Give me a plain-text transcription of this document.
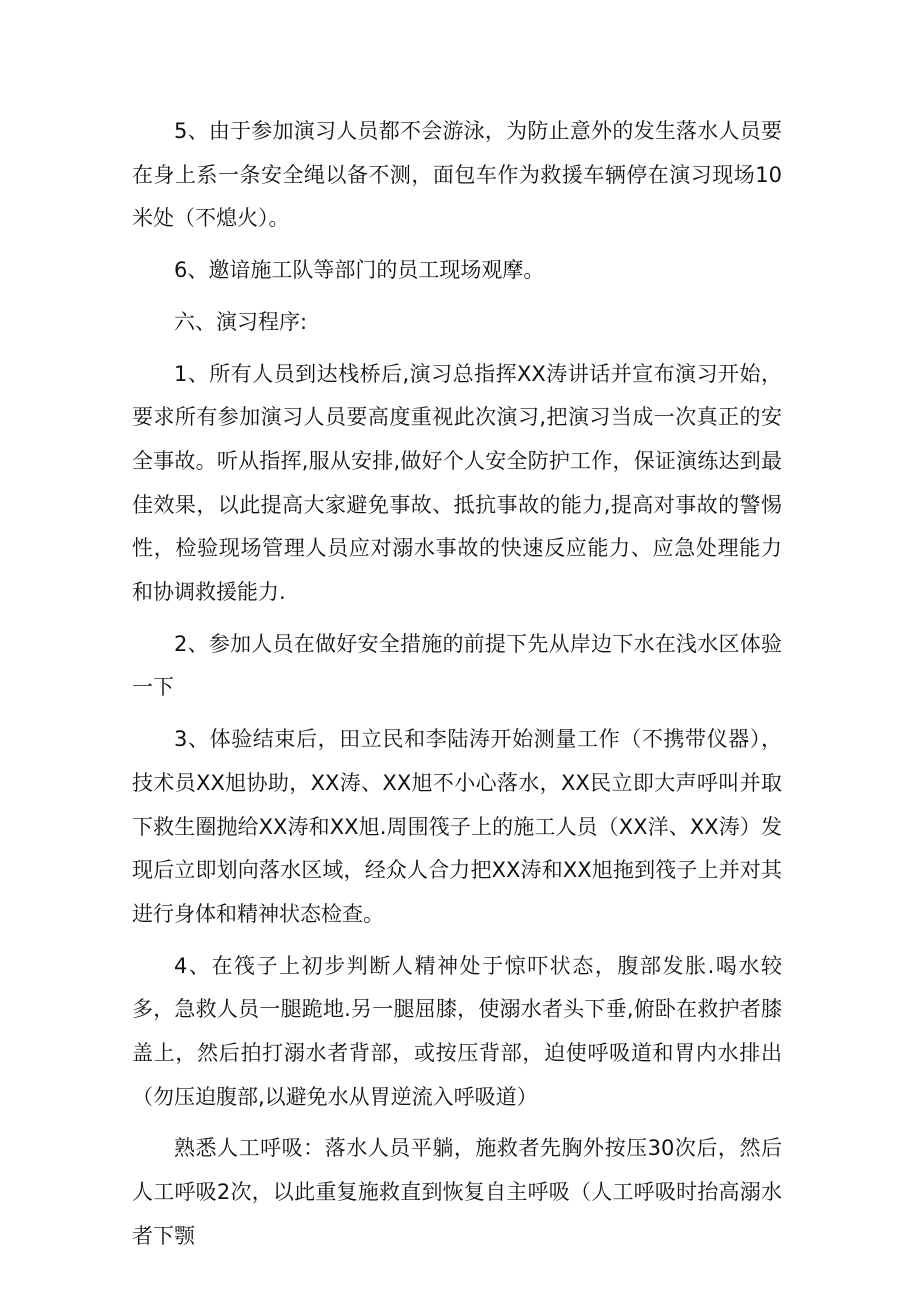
5、由于参加演习人员都不会游泳，为防止意外的发生落水人员要在身上系一条安全绳以备不测，面包车作为救援车辆停在演习现场10米处（不熄火）。

6、邀谙施工队等部门的员工现场观摩。

六、演习程序:

1、所有人员到达栈桥后,演习总指挥XX涛讲话并宣布演习开始，要求所有参加演习人员要高度重视此次演习,把演习当成一次真正的安全事故。听从指挥,服从安排,做好个人安全防护工作，保证演练达到最佳效果，以此提高大家避免事故、抵抗事故的能力,提高对事故的警惕性，检验现场管理人员应对溺水事故的快速反应能力、应急处理能力和协调救援能力.

2、参加人员在做好安全措施的前提下先从岸边下水在浅水区体验一下

3、体验结束后，田立民和李陆涛开始测量工作（不携带仪器），技术员XX旭协助，XX涛、XX旭不小心落水，XX民立即大声呼叫并取下救生圈抛给XX涛和XX旭.周围筏子上的施工人员（XX洋、XX涛）发现后立即划向落水区域，经众人合力把XX涛和XX旭拖到筏子上并对其进行身体和精神状态检查。

4、在筏子上初步判断人精神处于惊吓状态，腹部发胀.喝水较多，急救人员一腿跪地.另一腿屈膝，使溺水者头下垂,俯卧在救护者膝盖上，然后拍打溺水者背部，或按压背部，迫使呼吸道和胃内水排出（勿压迫腹部,以避免水从胃逆流入呼吸道）

熟悉人工呼吸：落水人员平躺，施救者先胸外按压30次后，然后人工呼吸2次，以此重复施救直到恢复自主呼吸（人工呼吸时抬高溺水者下颚
